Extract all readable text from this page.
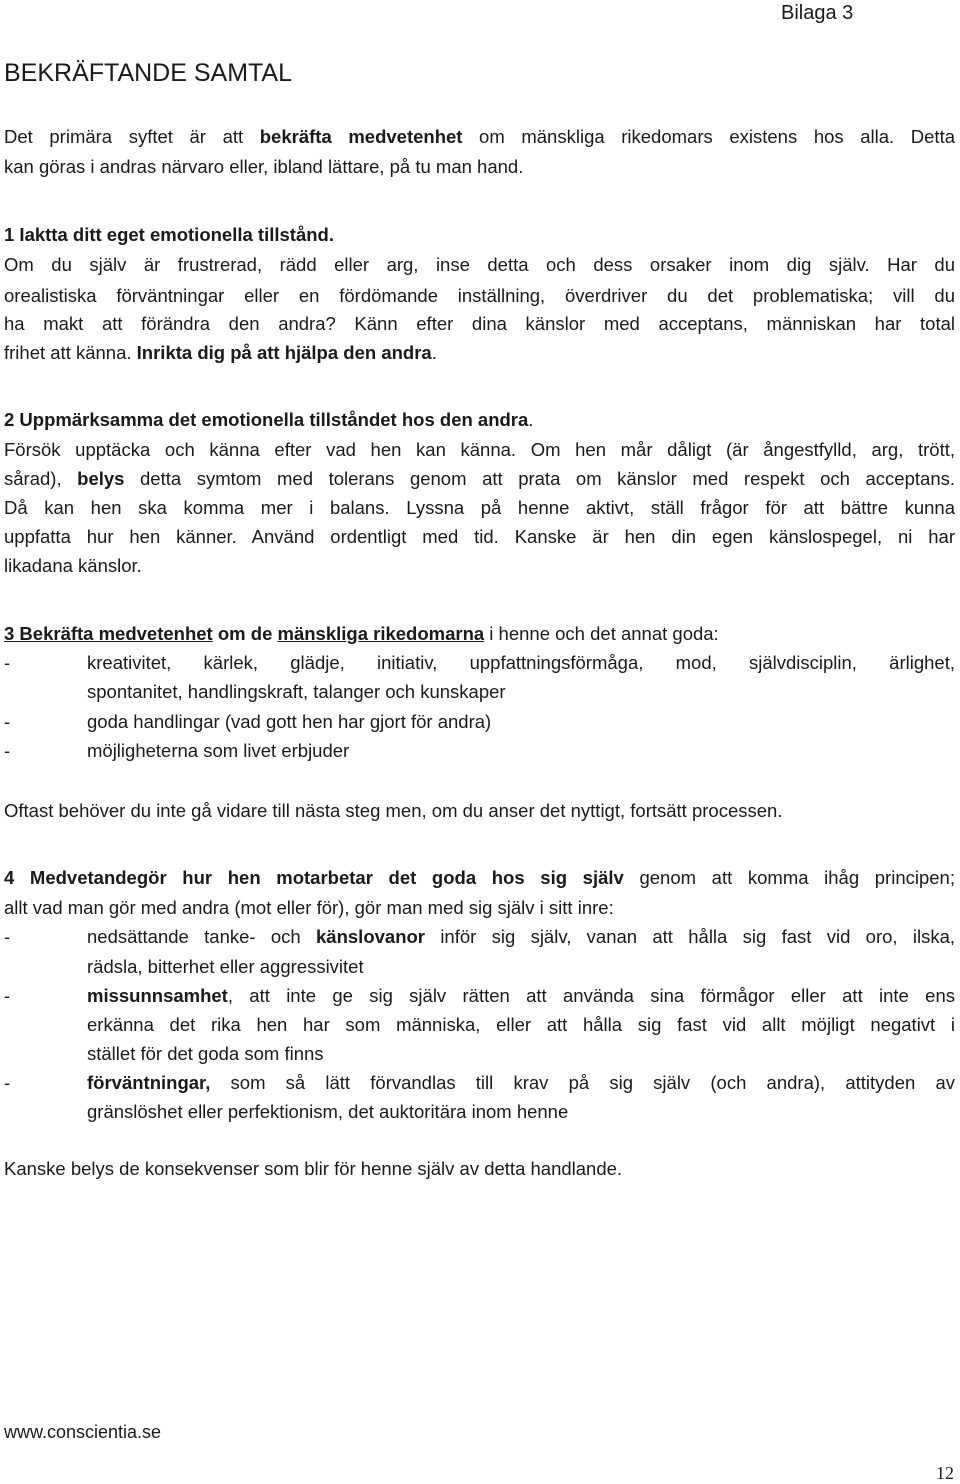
Bilaga 3
BEKRÄFTANDE SAMTAL
Det primära syftet är att bekräfta medvetenhet om mänskliga rikedomars existens hos alla. Detta
kan göras i andras närvaro eller, ibland lättare, på tu man hand.
1 Iaktta ditt eget emotionella tillstånd.
Om du själv är frustrerad, rädd eller arg, inse detta och dess orsaker inom dig själv. Har du
orealistiska förväntningar eller en fördömande inställning, överdriver du det problematiska; vill du
ha makt att förändra den andra? Känn efter dina känslor med acceptans, människan har total
frihet att känna. Inrikta dig på att hjälpa den andra.
2 Uppmärksamma det emotionella tillståndet hos den andra.
Försök upptäcka och känna efter vad hen kan känna. Om hen mår dåligt (är ångestfylld, arg, trött,
sårad), belys detta symtom med tolerans genom att prata om känslor med respekt och acceptans.
Då kan hen ska komma mer i balans. Lyssna på henne aktivt, ställ frågor för att bättre kunna
uppfatta hur hen känner. Använd ordentligt med tid. Kanske är hen din egen känslospegel, ni har
likadana känslor.
3 Bekräfta medvetenhet om de mänskliga rikedomarna i henne och det annat goda:
-	kreativitet, kärlek, glädje, initiativ, uppfattningsförmåga, mod, självdisciplin, ärlighet,
spontanitet, handlingskraft, talanger och kunskaper
-	goda handlingar (vad gott hen har gjort för andra)
-	möjligheterna som livet erbjuder
Oftast behöver du inte gå vidare till nästa steg men, om du anser det nyttigt, fortsätt processen.
4 Medvetandegör hur hen motarbetar det goda hos sig själv genom att komma ihåg principen;
allt vad man gör med andra (mot eller för), gör man med sig själv i sitt inre:
-	nedsättande tanke- och känslovanor inför sig själv, vanan att hålla sig fast vid oro, ilska,
rädsla, bitterhet eller aggressivitet
-	missunnsamhet, att inte ge sig själv rätten att använda sina förmågor eller att inte ens
erkänna det rika hen har som människa, eller att hålla sig fast vid allt möjligt negativt i
stället för det goda som finns
-	förväntningar, som så lätt förvandlas till krav på sig själv (och andra), attityden av
gränslöshet eller perfektionism, det auktoritära inom henne
Kanske belys de konsekvenser som blir för henne själv av detta handlande.
www.conscientia.se
12
